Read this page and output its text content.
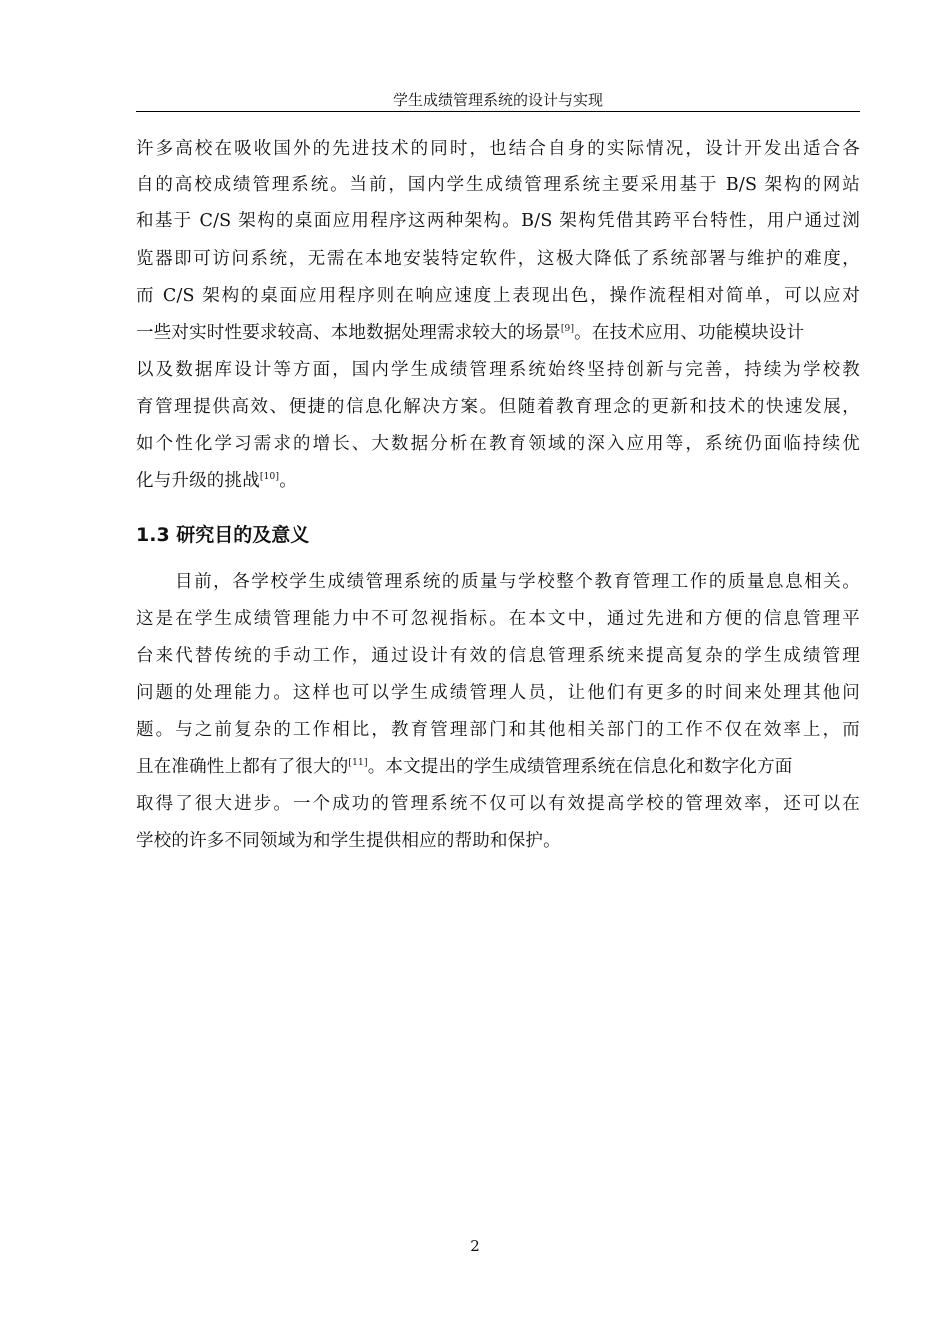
学生成绩管理系统的设计与实现
许多高校在吸收国外的先进技术的同时，也结合自身的实际情况，设计开发出适合各
自的高校成绩管理系统。当前，国内学生成绩管理系统主要采用基于 B/S 架构的网站
和基于 C/S 架构的桌面应用程序这两种架构。B/S 架构凭借其跨平台特性，用户通过浏
览器即可访问系统，无需在本地安装特定软件，这极大降低了系统部署与维护的难度，
而 C/S 架构的桌面应用程序则在响应速度上表现出色，操作流程相对简单，可以应对
一些对实时性要求较高、本地数据处理需求较大的场景[9]。在技术应用、功能模块设计
以及数据库设计等方面，国内学生成绩管理系统始终坚持创新与完善，持续为学校教
育管理提供高效、便捷的信息化解决方案。但随着教育理念的更新和技术的快速发展，
如个性化学习需求的增长、大数据分析在教育领域的深入应用等，系统仍面临持续优
化与升级的挑战[10]。
1.3 研究目的及意义
目前，各学校学生成绩管理系统的质量与学校整个教育管理工作的质量息息相关。
这是在学生成绩管理能力中不可忽视指标。在本文中，通过先进和方便的信息管理平
台来代替传统的手动工作，通过设计有效的信息管理系统来提高复杂的学生成绩管理
问题的处理能力。这样也可以学生成绩管理人员，让他们有更多的时间来处理其他问
题。与之前复杂的工作相比，教育管理部门和其他相关部门的工作不仅在效率上，而
且在准确性上都有了很大的[11]。本文提出的学生成绩管理系统在信息化和数字化方面
取得了很大进步。一个成功的管理系统不仅可以有效提高学校的管理效率，还可以在
学校的许多不同领域为和学生提供相应的帮助和保护。
2
